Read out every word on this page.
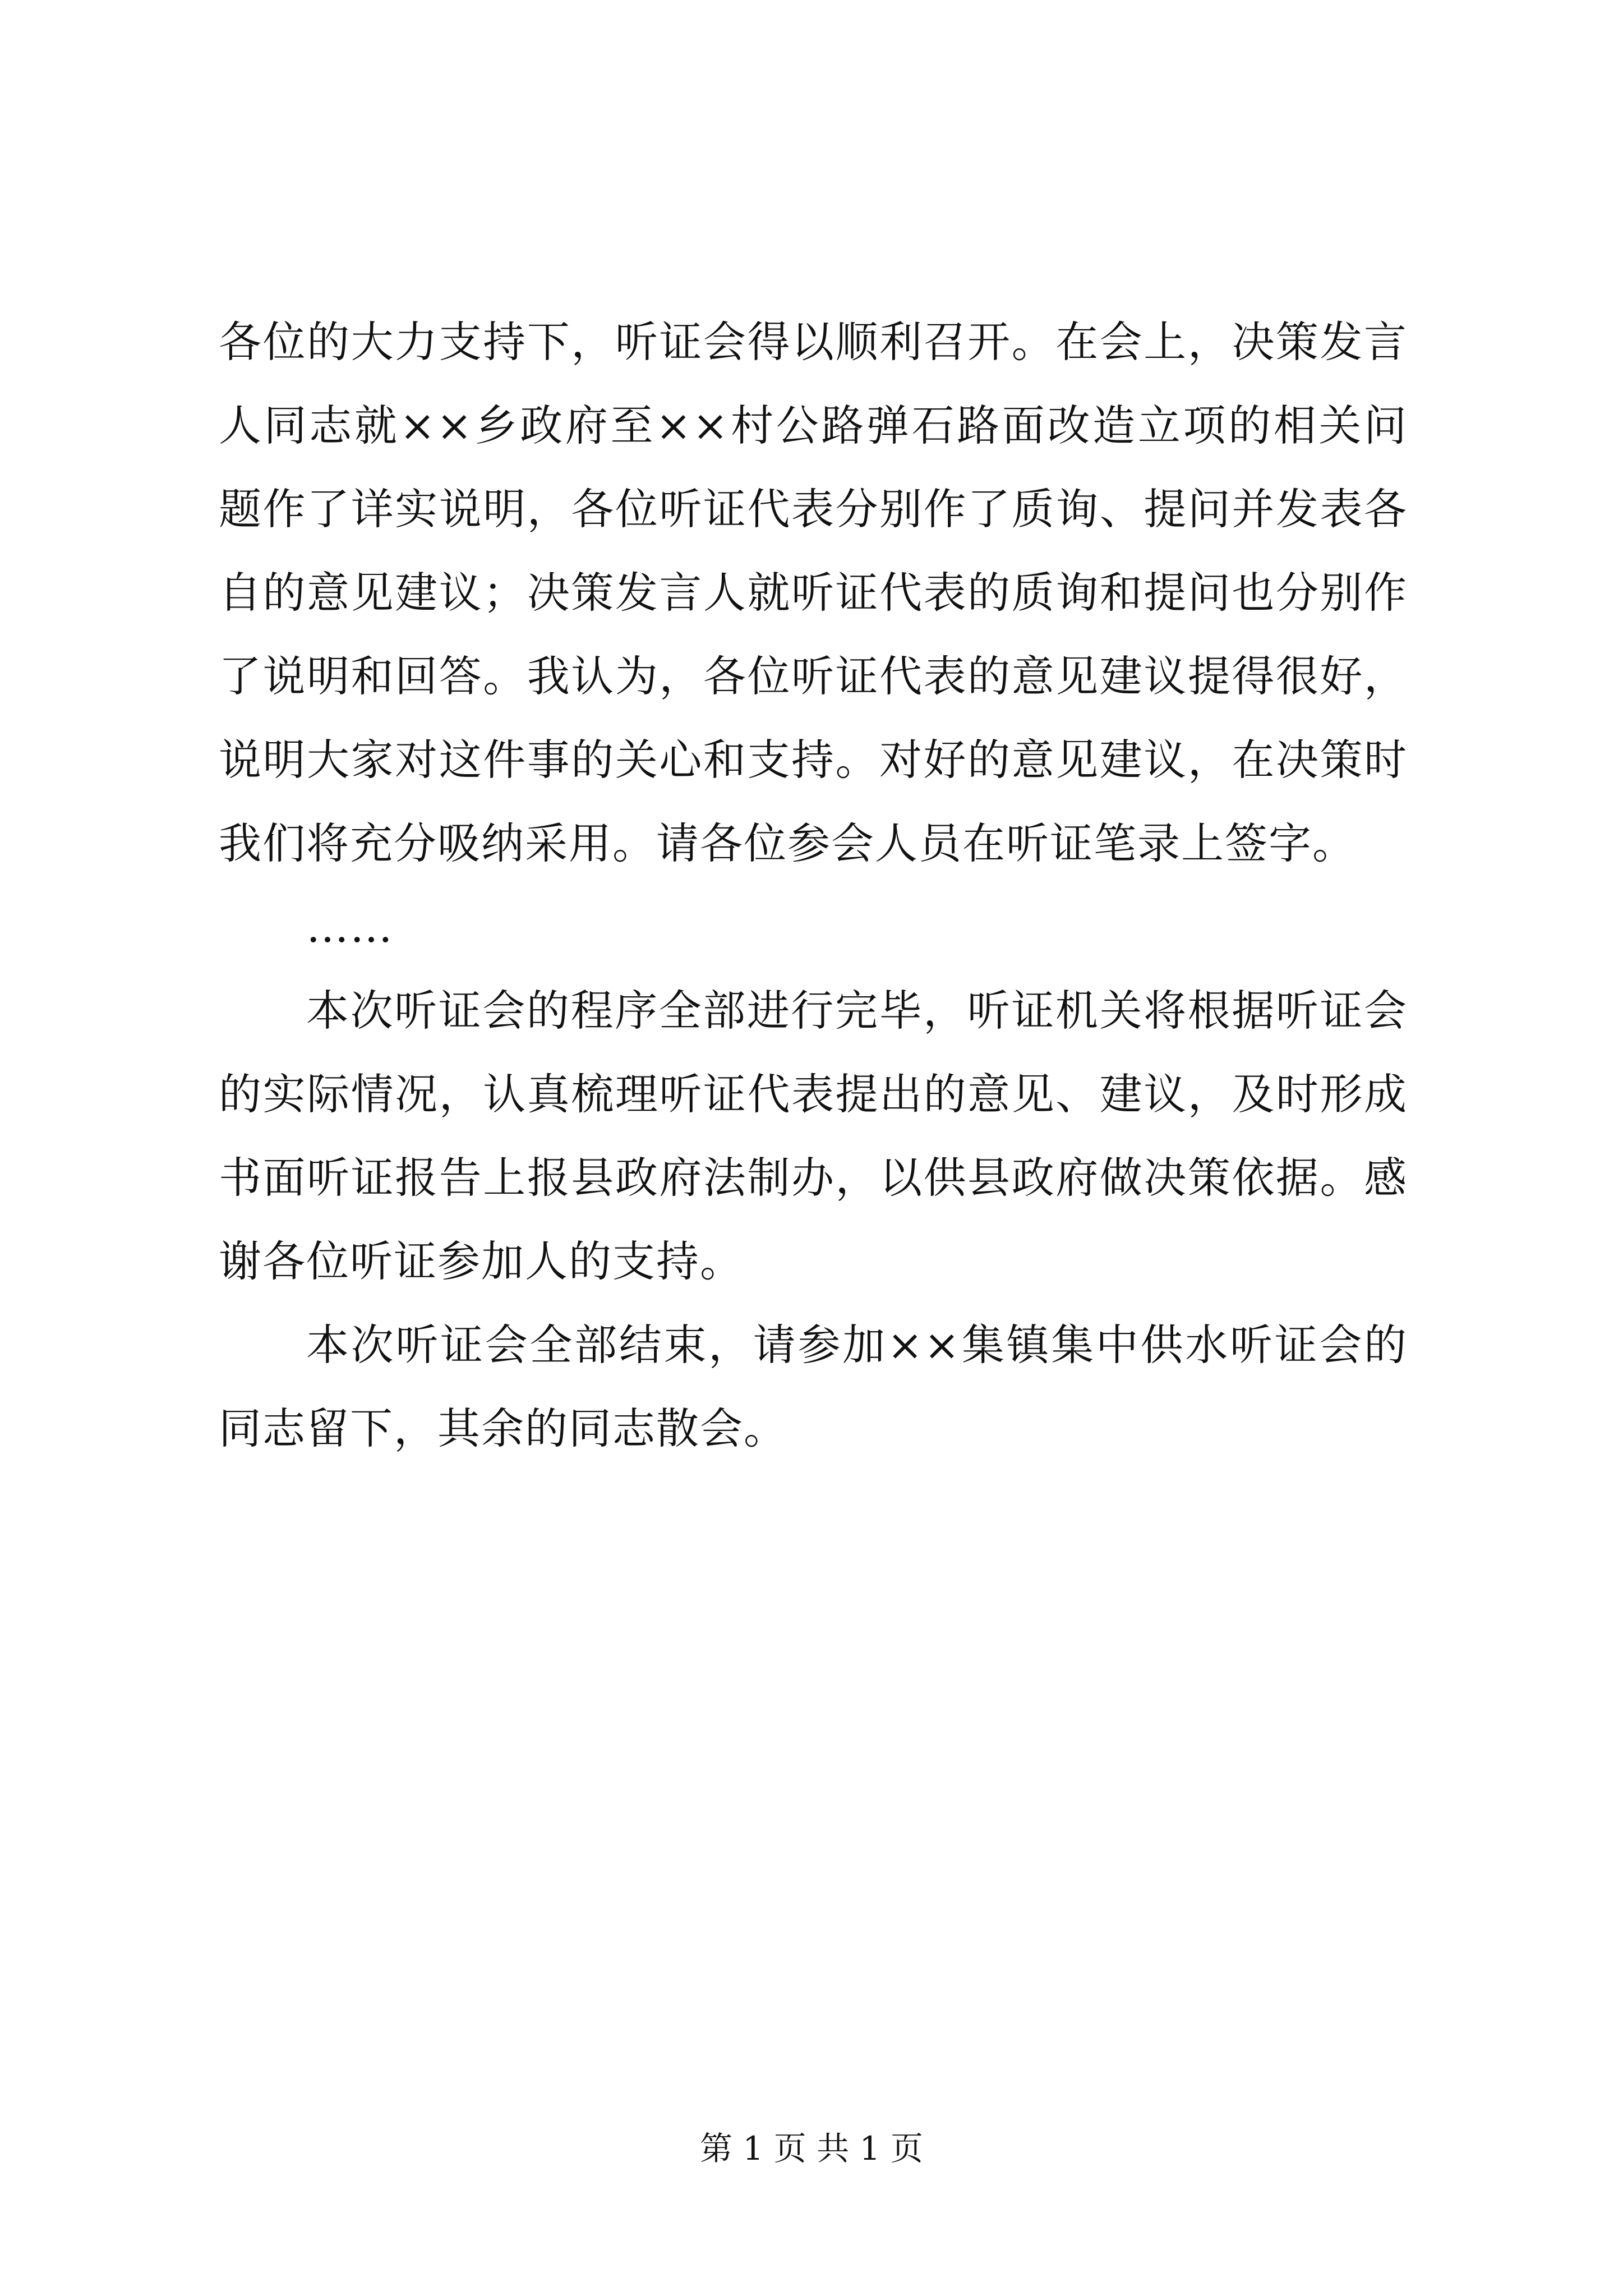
各位的大力支持下，听证会得以顺利召开。在会上，决策发言人同志就××乡政府至××村公路弹石路面改造立项的相关问题作了详实说明，各位听证代表分别作了质询、提问并发表各自的意见建议；决策发言人就听证代表的质询和提问也分别作了说明和回答。我认为，各位听证代表的意见建议提得很好，说明大家对这件事的关心和支持。对好的意见建议，在决策时我们将充分吸纳采用。请各位参会人员在听证笔录上签字。

……

本次听证会的程序全部进行完毕，听证机关将根据听证会的实际情况，认真梳理听证代表提出的意见、建议，及时形成书面听证报告上报县政府法制办，以供县政府做决策依据。感谢各位听证参加人的支持。

本次听证会全部结束，请参加××集镇集中供水听证会的同志留下，其余的同志散会。

第 1 页 共 1 页
